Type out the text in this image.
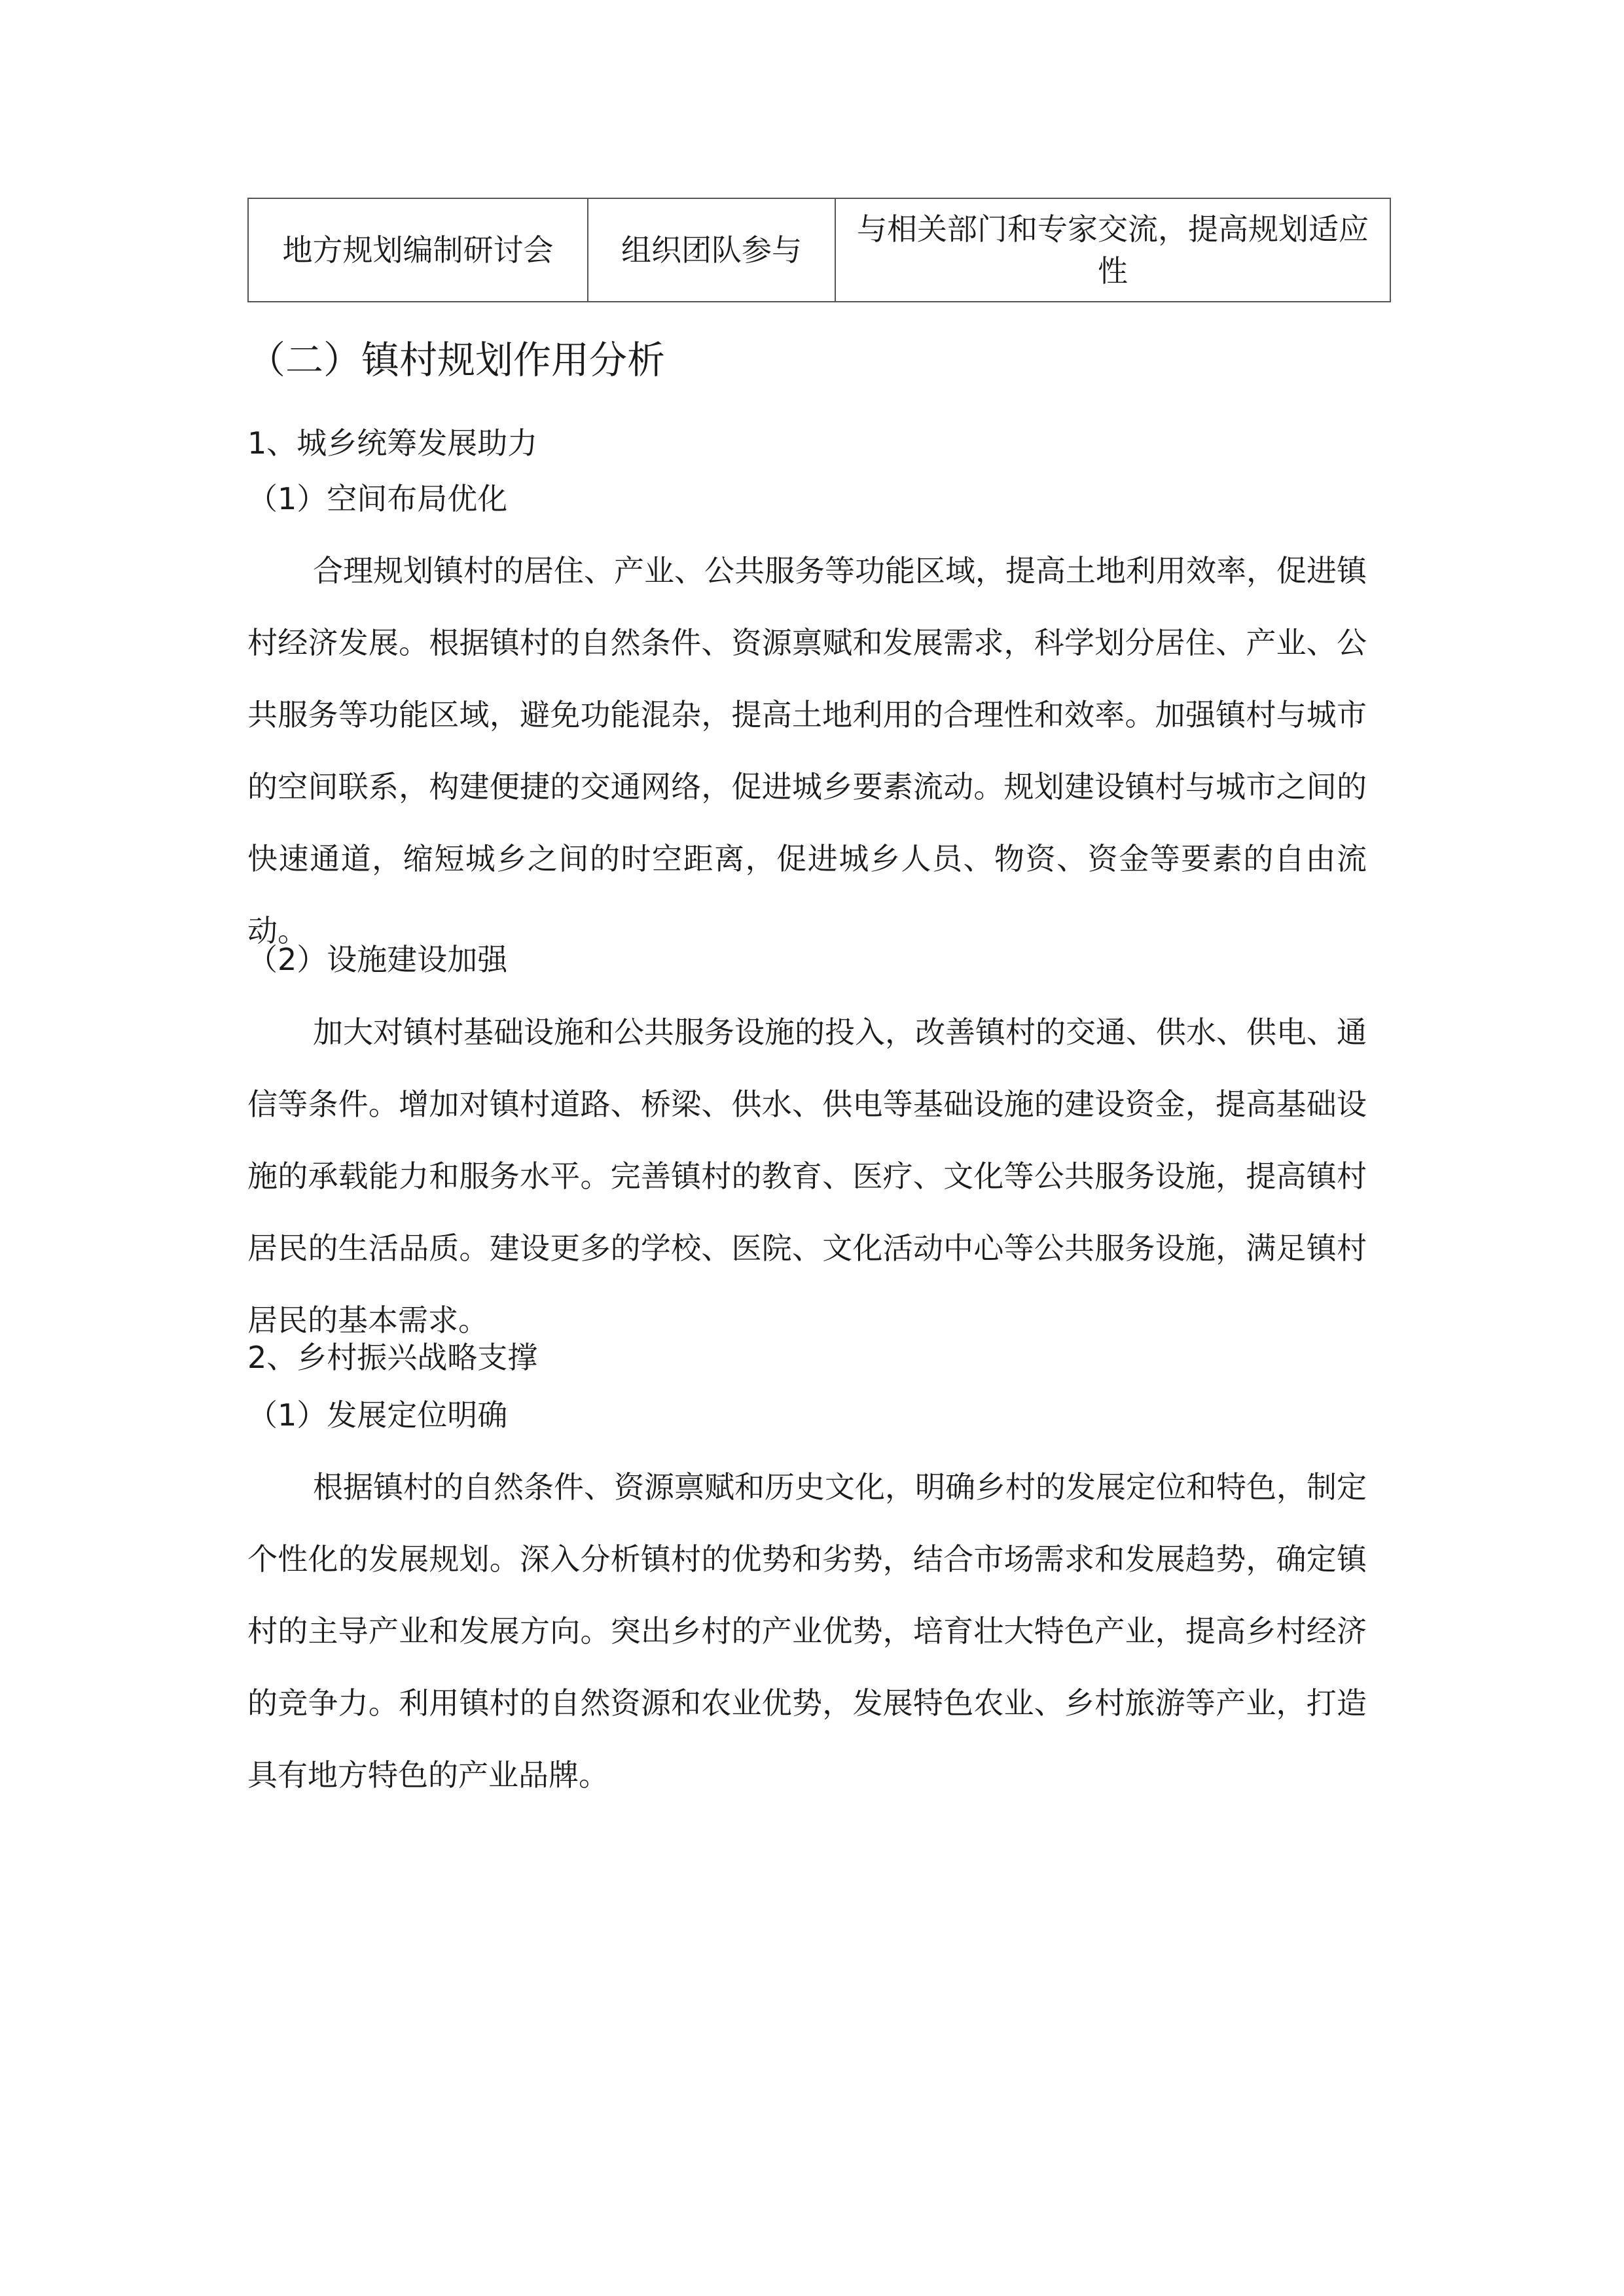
地方规划编制研讨会	组织团队参与	与相关部门和专家交流，提高规划适应性
（二）镇村规划作用分析
1、城乡统筹发展助力
（1）空间布局优化

合理规划镇村的居住、产业、公共服务等功能区域，提高土地利用效率，促进镇村经济发展。根据镇村的自然条件、资源禀赋和发展需求，科学划分居住、产业、公共服务等功能区域，避免功能混杂，提高土地利用的合理性和效率。加强镇村与城市的空间联系，构建便捷的交通网络，促进城乡要素流动。规划建设镇村与城市之间的快速通道，缩短城乡之间的时空距离，促进城乡人员、物资、资金等要素的自由流动。

（2）设施建设加强

加大对镇村基础设施和公共服务设施的投入，改善镇村的交通、供水、供电、通信等条件。增加对镇村道路、桥梁、供水、供电等基础设施的建设资金，提高基础设施的承载能力和服务水平。完善镇村的教育、医疗、文化等公共服务设施，提高镇村居民的生活品质。建设更多的学校、医院、文化活动中心等公共服务设施，满足镇村居民的基本需求。

2、乡村振兴战略支撑
（1）发展定位明确

根据镇村的自然条件、资源禀赋和历史文化，明确乡村的发展定位和特色，制定个性化的发展规划。深入分析镇村的优势和劣势，结合市场需求和发展趋势，确定镇村的主导产业和发展方向。突出乡村的产业优势，培育壮大特色产业，提高乡村经济的竞争力。利用镇村的自然资源和农业优势，发展特色农业、乡村旅游等产业，打造具有地方特色的产业品牌。
